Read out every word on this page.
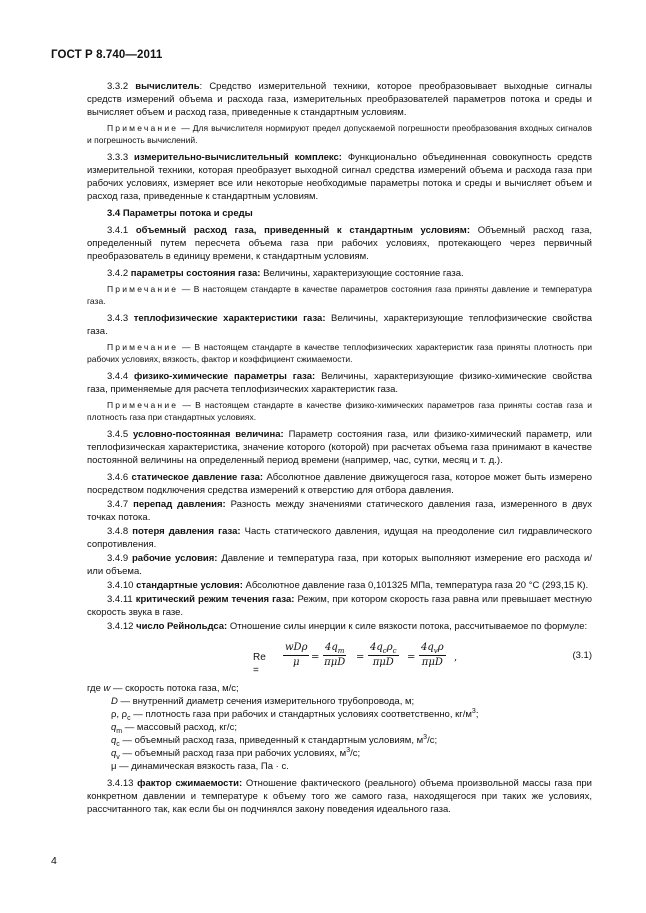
ГОСТ Р 8.740—2011

3.3.2 вычислитель: Средство измерительной техники, которое преобразовывает выходные сигналы средств измерений объема и расхода газа, измерительных преобразователей параметров потока и среды и вычисляет объем и расход газа, приведенные к стандартным условиям.

Примечание — Для вычислителя нормируют предел допускаемой погрешности преобразования входных сигналов и погрешность вычислений.

3.3.3 измерительно-вычислительный комплекс: Функционально объединенная совокупность средств измерительной техники, которая преобразует выходной сигнал средства измерений объема и расхода газа при рабочих условиях, измеряет все или некоторые необходимые параметры потока и среды и вычисляет объем и расход газа, приведенные к стандартным условиям.

3.4 Параметры потока и среды

3.4.1 объемный расход газа, приведенный к стандартным условиям: Объемный расход газа, определенный путем пересчета объема газа при рабочих условиях, протекающего через первичный преобразователь в единицу времени, к стандартным условиям.

3.4.2 параметры состояния газа: Величины, характеризующие состояние газа.

Примечание — В настоящем стандарте в качестве параметров состояния газа приняты давление и температура газа.

3.4.3 теплофизические характеристики газа: Величины, характеризующие теплофизические свойства газа.

Примечание — В настоящем стандарте в качестве теплофизических характеристик газа приняты плотность при рабочих условиях, вязкость, фактор и коэффициент сжимаемости.

3.4.4 физико-химические параметры газа: Величины, характеризующие физико-химические свойства газа, применяемые для расчета теплофизических характеристик газа.

Примечание — В настоящем стандарте в качестве физико-химических параметров газа приняты состав газа и плотность газа при стандартных условиях.

3.4.5 условно-постоянная величина: Параметр состояния газа, или физико-химический параметр, или теплофизическая характеристика, значение которого (которой) при расчетах объема газа принимают в качестве постоянной величины на определенный период времени (например, час, сутки, месяц и т. д.).

3.4.6 статическое давление газа: Абсолютное давление движущегося газа, которое может быть измерено посредством подключения средства измерений к отверстию для отбора давления.

3.4.7 перепад давления: Разность между значениями статического давления газа, измеренного в двух точках потока.

3.4.8 потеря давления газа: Часть статического давления, идущая на преодоление сил гидравлического сопротивления.

3.4.9 рабочие условия: Давление и температура газа, при которых выполняют измерение его расхода и/или объема.

3.4.10 стандартные условия: Абсолютное давление газа 0,101325 МПа, температура газа 20 °С (293,15 К).

3.4.11 критический режим течения газа: Режим, при котором скорость газа равна или превышает местную скорость звука в газе.

3.4.12 число Рейнольдса: Отношение силы инерции к силе вязкости потока, рассчитываемое по формуле:

Re =
wDρ
μ	=
$4q_m$
πμD =
$4q_c\rho_c$
πμD	=
$4q_v\rho$
πμD ,	(3.1)
где w — скорость потока газа, м/с;
D — внутренний диаметр сечения измерительного трубопровода, м;
ρ, $\rho_с$ — плотность газа при рабочих и стандартных условиях соответственно, $кг/м^3$;
$q_m$ — массовый расход, кг/с;
$q_c$ — объемный расход газа, приведенный к стандартным условиям, $м^3/с$;
$q_v$ — объемный расход газа при рабочих условиях, $м^3/с$;
μ — динамическая вязкость газа, Па · с.

3.4.13 фактор сжимаемости: Отношение фактического (реального) объема произвольной массы газа при конкретном давлении и температуре к объему того же самого газа, находящегося при таких же условиях, рассчитанного так, как если бы он подчинялся закону поведения идеального газа.

4
